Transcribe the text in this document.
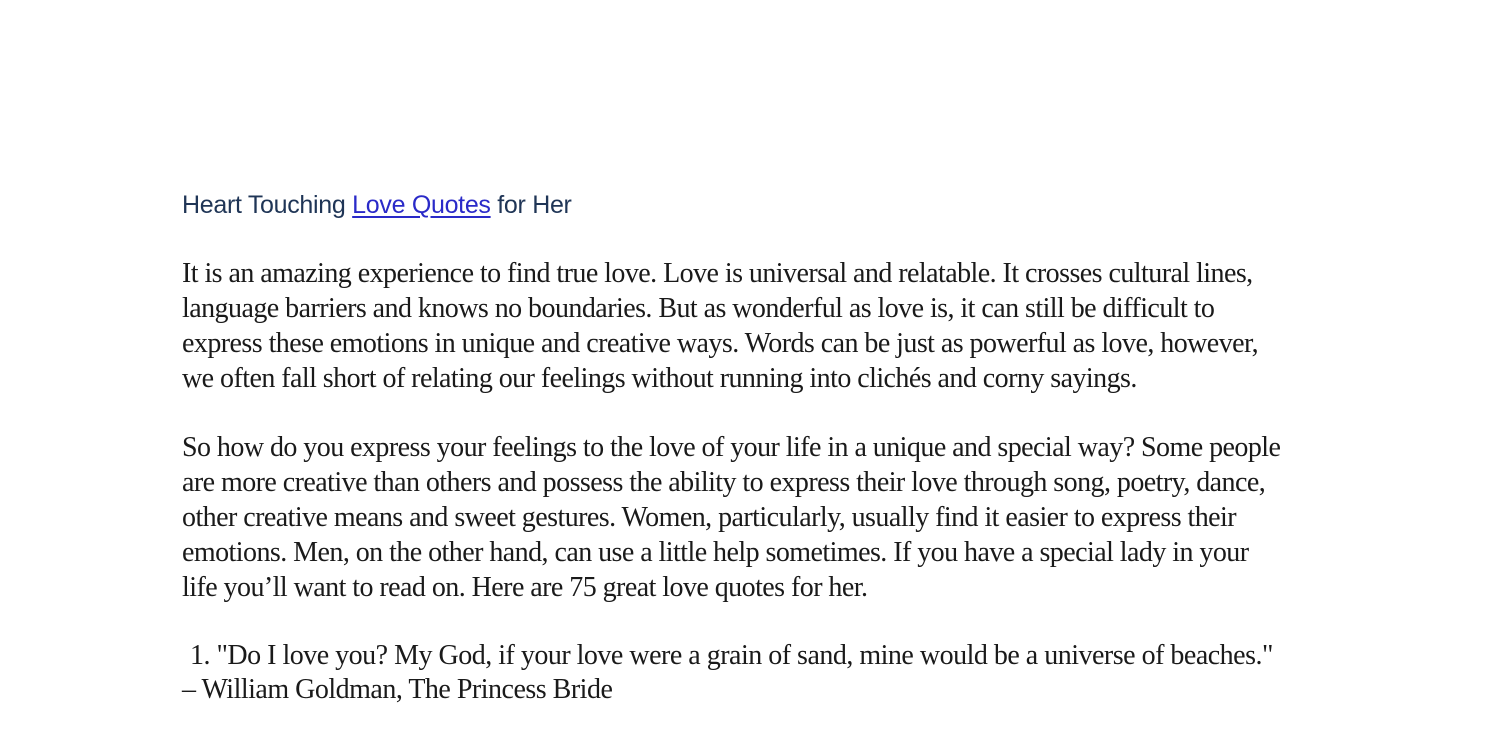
Heart Touching Love Quotes for Her

It is an amazing experience to find true love. Love is universal and relatable. It crosses cultural lines,
language barriers and knows no boundaries. But as wonderful as love is, it can still be difficult to
express these emotions in unique and creative ways. Words can be just as powerful as love, however,
we often fall short of relating our feelings without running into clichés and corny sayings.

So how do you express your feelings to the love of your life in a unique and special way? Some people
are more creative than others and possess the ability to express their love through song, poetry, dance,
other creative means and sweet gestures. Women, particularly, usually find it easier to express their
emotions. Men, on the other hand, can use a little help sometimes. If you have a special lady in your
life you’ll want to read on. Here are 75 great love quotes for her.

1. "Do I love you? My God, if your love were a grain of sand, mine would be a universe of beaches."
– William Goldman, The Princess Bride
